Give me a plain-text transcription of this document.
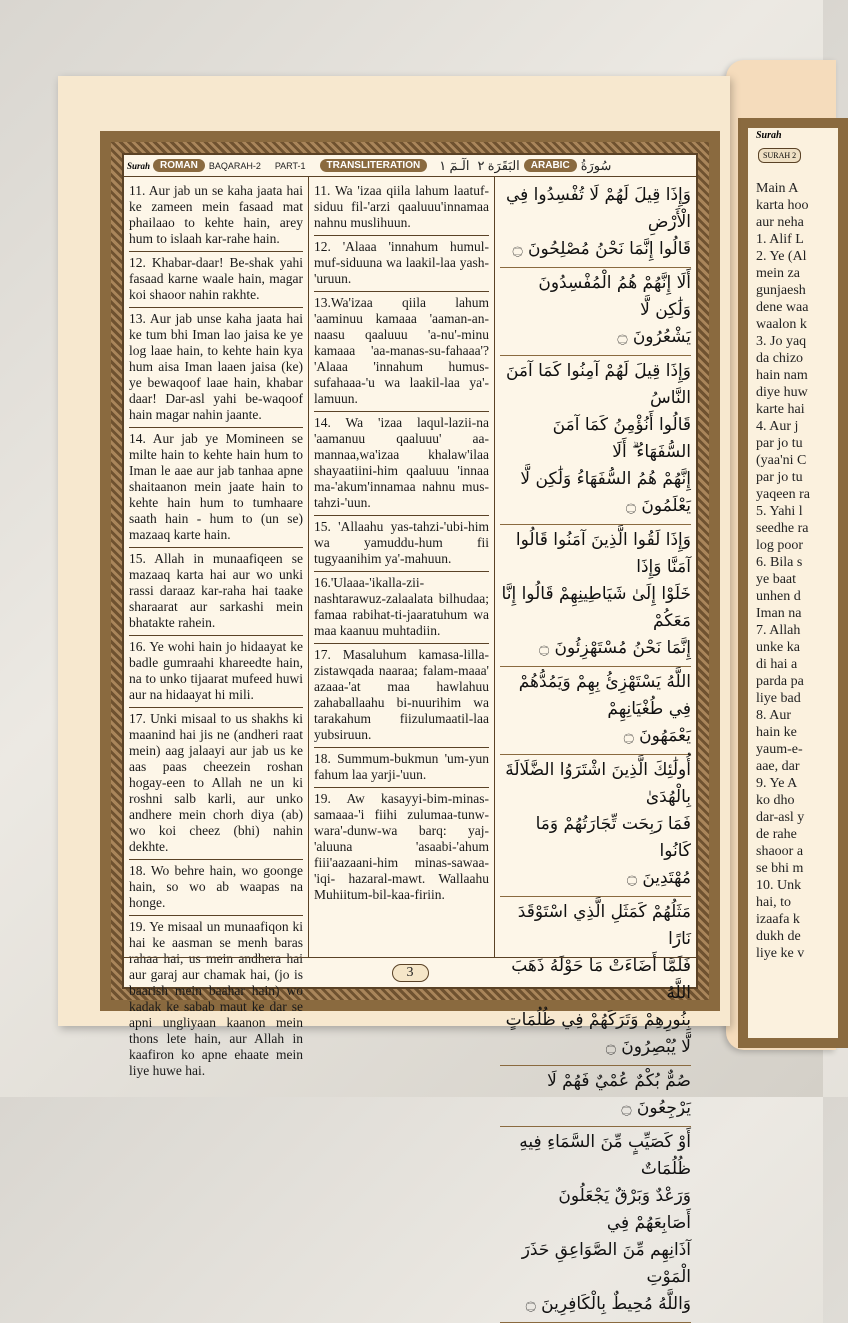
Surah
SURAH 2
Main A
karta hoo
aur neha
1. Alif L
2. Ye (Al
mein za
gunjaesh
dene waa
waalon k
3. Jo yaq
da chizo
hain nam
diye huw
karte hai
4. Aur j
par jo tu
(yaa'ni C
par jo tu
yaqeen ra
5. Yahi l
seedhe ra
log poor
6. Bila s
ye baat
unhen d
Iman na
7. Allah
unke ka
di hai a
parda pa
liye bad
8. Aur
hain ke
yaum-e-
aae, dar
9. Ye A
ko dho
dar-asl y
de rahe
shaoor a
se bhi m
10. Unk
hai, to
izaafa k
dukh de
liye ke v
Surah	ROMAN	BAQARAH-2	PART-1	TRANSLITERATION	الٓـمٓ ١ البَقَرَة ٢	ARABIC سُورَةُ
11. Aur jab un se kaha jaata hai ke zameen mein fasaad mat phailaao to kehte hain, arey hum to islaah kar-rahe hain.
12. Khabar-daar! Be-shak yahi fasaad karne waale hain, magar koi shaoor nahin rakhte.
13. Aur jab unse kaha jaata hai ke tum bhi Iman lao jaisa ke ye log laae hain, to kehte hain kya hum aisa Iman laaen jaisa (ke) ye bewaqoof laae hain, khabar daar! Dar-asl yahi be-waqoof hain magar nahin jaante.
14. Aur jab ye Momineen se milte hain to kehte hain hum to Iman le aae aur jab tanhaa apne shaitaanon mein jaate hain to kehte hain hum to tumhaare saath hain - hum to (un se) mazaaq karte hain.
15. Allah in munaafiqeen se mazaaq karta hai aur wo unki rassi daraaz kar-raha hai taake sharaarat aur sarkashi mein bhatakte rahein.
16. Ye wohi hain jo hidaayat ke badle gumraahi khareedte hain, na to unko tijaarat mufeed huwi aur na hidaayat hi mili.
17. Unki misaal to us shakhs ki maanind hai jis ne (andheri raat mein) aag jalaayi aur jab us ke aas paas cheezein roshan hogay-een to Allah ne un ki roshni salb karli, aur unko andhere mein chorh diya (ab) wo koi cheez (bhi) nahin dekhte.
18. Wo behre hain, wo goonge hain, so wo ab waapas na honge.
19. Ye misaal un munaafiqon ki hai ke aasman se menh baras rahaa hai, us mein andhera hai aur garaj aur chamak hai, (jo is baarish mein baahar hain) wo kadak ke sabab maut ke dar se apni ungliyaan kaanon mein thons lete hain, aur Allah in kaafiron ko apne ehaate mein liye huwe hai.
11. Wa 'izaa qiila lahum laatuf-siduu fil-'arzi qaaluuu'innamaa nahnu muslihuun.
12. 'Alaaa 'innahum humul-muf-siduuna wa laakil-laa yash-'uruun.
13.Wa'izaa qiila lahum 'aaminuu kamaaa 'aaman-an-naasu qaaluuu 'a-nu'-minu kamaaa 'aa-manas-su-fahaaa'? 'Alaaa 'innahum humus-sufahaaa-'u wa laakil-laa ya'-lamuun.
14. Wa 'izaa laqul-lazii-na 'aamanuu qaaluuu' aa-mannaa,wa'izaa khalaw'ilaa shayaatiini-him qaaluuu 'innaa ma-'akum'innamaa nahnu mus-tahzi-'uun.
15. 'Allaahu yas-tahzi-'ubi-him wa yamuddu-hum fii tugyaanihim ya'-mahuun.
16.'Ulaaa-'ikalla-zii-nashtarawuz-zalaalata bilhudaa; famaa rabihat-ti-jaaratuhum wa maa kaanuu muhtadiin.
17. Masaluhum kamasa-lilla-zistawqada naaraa; falam-maaa' azaaa-'at maa hawlahuu zahaballaahu bi-nuurihim wa tarakahum fiizulumaatil-laa yubsiruun.
18. Summum-bukmun 'um-yun fahum laa yarji-'uun.
19. Aw kasayyi-bim-minas-samaaa-'i fiihi zulumaa-tunw-wara'-dunw-wa barq: yaj-'aluuna 'asaabi-'ahum fiii'aazaani-him minas-sawaa-'iqi- hazaral-mawt. Wallaahu Muhiitum-bil-kaa-firiin.
وَإِذَا قِيلَ لَهُمْ لَا تُفْسِدُوا فِي الْأَرْضِ
قَالُوا إِنَّمَا نَحْنُ مُصْلِحُونَ ۝
أَلَا إِنَّهُمْ هُمُ الْمُفْسِدُونَ وَلَٰكِن لَّا
يَشْعُرُونَ ۝
وَإِذَا قِيلَ لَهُمْ آمِنُوا كَمَا آمَنَ النَّاسُ
قَالُوا أَنُؤْمِنُ كَمَا آمَنَ السُّفَهَاءُ ۗ أَلَا
إِنَّهُمْ هُمُ السُّفَهَاءُ وَلَٰكِن لَّا يَعْلَمُونَ ۝
وَإِذَا لَقُوا الَّذِينَ آمَنُوا قَالُوا آمَنَّا وَإِذَا
خَلَوْا إِلَىٰ شَيَاطِينِهِمْ قَالُوا إِنَّا مَعَكُمْ
إِنَّمَا نَحْنُ مُسْتَهْزِئُونَ ۝
اللَّهُ يَسْتَهْزِئُ بِهِمْ وَيَمُدُّهُمْ فِي طُغْيَانِهِمْ
يَعْمَهُونَ ۝
أُولَٰئِكَ الَّذِينَ اشْتَرَوُا الضَّلَالَةَ بِالْهُدَىٰ
فَمَا رَبِحَت تِّجَارَتُهُمْ وَمَا كَانُوا
مُهْتَدِينَ ۝
مَثَلُهُمْ كَمَثَلِ الَّذِي اسْتَوْقَدَ نَارًا
فَلَمَّا أَضَاءَتْ مَا حَوْلَهُ ذَهَبَ اللَّهُ
بِنُورِهِمْ وَتَرَكَهُمْ فِي ظُلُمَاتٍ
لَّا يُبْصِرُونَ ۝
صُمٌّ بُكْمٌ عُمْيٌ فَهُمْ لَا يَرْجِعُونَ ۝
أَوْ كَصَيِّبٍ مِّنَ السَّمَاءِ فِيهِ ظُلُمَاتٌ
وَرَعْدٌ وَبَرْقٌ يَجْعَلُونَ أَصَابِعَهُمْ فِي
آذَانِهِم مِّنَ الصَّوَاعِقِ حَذَرَ الْمَوْتِ
وَاللَّهُ مُحِيطٌ بِالْكَافِرِينَ ۝
3
